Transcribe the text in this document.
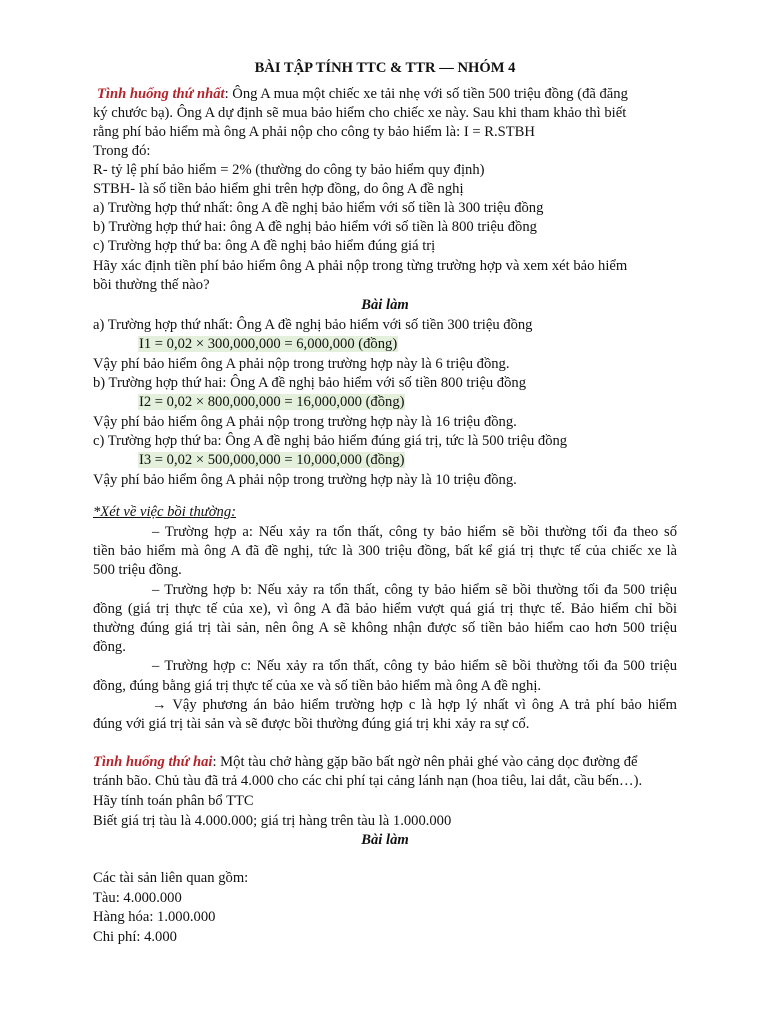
BÀI TẬP TÍNH TTC & TTR — NHÓM 4
Tình huống thứ nhất: Ông A mua một chiếc xe tải nhẹ với số tiền 500 triệu đồng (đã đăng
ký chước bạ). Ông A dự định sẽ mua bảo hiểm cho chiếc xe này. Sau khi tham khảo thì biết
rằng phí bảo hiểm mà ông A phải nộp cho công ty bảo hiểm là: I = R.STBH
Trong đó:
R- tỷ lệ phí bảo hiểm = 2% (thường do công ty bảo hiểm quy định)
STBH- là số tiền bảo hiểm ghi trên hợp đồng, do ông A đề nghị
a) Trường hợp thứ nhất: ông A đề nghị bảo hiểm với số tiền là 300 triệu đồng
b) Trường hợp thứ hai: ông A đề nghị bảo hiểm với số tiền là 800 triệu đồng
c) Trường hợp thứ ba: ông A đề nghị bảo hiểm đúng giá trị
Hãy xác định tiền phí bảo hiểm ông A phải nộp trong từng trường hợp và xem xét bảo hiểm
bồi thường thế nào?
Bài làm
a) Trường hợp thứ nhất: Ông A đề nghị bảo hiểm với số tiền 300 triệu đồng
I1 = 0,02 × 300,000,000 = 6,000,000 (đồng)
Vậy phí bảo hiểm ông A phải nộp trong trường hợp này là 6 triệu đồng.
b) Trường hợp thứ hai: Ông A đề nghị bảo hiểm với số tiền 800 triệu đồng
I2 = 0,02 × 800,000,000 = 16,000,000 (đồng)
Vậy phí bảo hiểm ông A phải nộp trong trường hợp này là 16 triệu đồng.
c) Trường hợp thứ ba: Ông A đề nghị bảo hiểm đúng giá trị, tức là 500 triệu đồng
I3 = 0,02 × 500,000,000 = 10,000,000 (đồng)
Vậy phí bảo hiểm ông A phải nộp trong trường hợp này là 10 triệu đồng.
*Xét về việc bồi thường:
– Trường hợp a: Nếu xảy ra tổn thất, công ty bảo hiểm sẽ bồi thường tối đa theo số
tiền bảo hiểm mà ông A đã đề nghị, tức là 300 triệu đồng, bất kể giá trị thực tế của chiếc xe là
500 triệu đồng.
– Trường hợp b: Nếu xảy ra tổn thất, công ty bảo hiểm sẽ bồi thường tối đa 500 triệu
đồng (giá trị thực tế của xe), vì ông A đã bảo hiểm vượt quá giá trị thực tế. Bảo hiểm chỉ bồi
thường đúng giá trị tài sản, nên ông A sẽ không nhận được số tiền bảo hiểm cao hơn 500 triệu
đồng.
– Trường hợp c: Nếu xảy ra tổn thất, công ty bảo hiểm sẽ bồi thường tối đa 500 triệu
đồng, đúng bằng giá trị thực tế của xe và số tiền bảo hiểm mà ông A đề nghị.
→ Vậy phương án bảo hiểm trường hợp c là hợp lý nhất vì ông A trả phí bảo hiểm
đúng với giá trị tài sản và sẽ được bồi thường đúng giá trị khi xảy ra sự cố.
Tình huống thứ hai: Một tàu chở hàng gặp bão bất ngờ nên phải ghé vào cảng dọc đường để
tránh bão. Chủ tàu đã trả 4.000 cho các chi phí tại cảng lánh nạn (hoa tiêu, lai dắt, cầu bến…).
Hãy tính toán phân bổ TTC
Biết giá trị tàu là 4.000.000; giá trị hàng trên tàu là 1.000.000
Bài làm
Các tài sản liên quan gồm:
Tàu: 4.000.000
Hàng hóa: 1.000.000
Chi phí: 4.000
